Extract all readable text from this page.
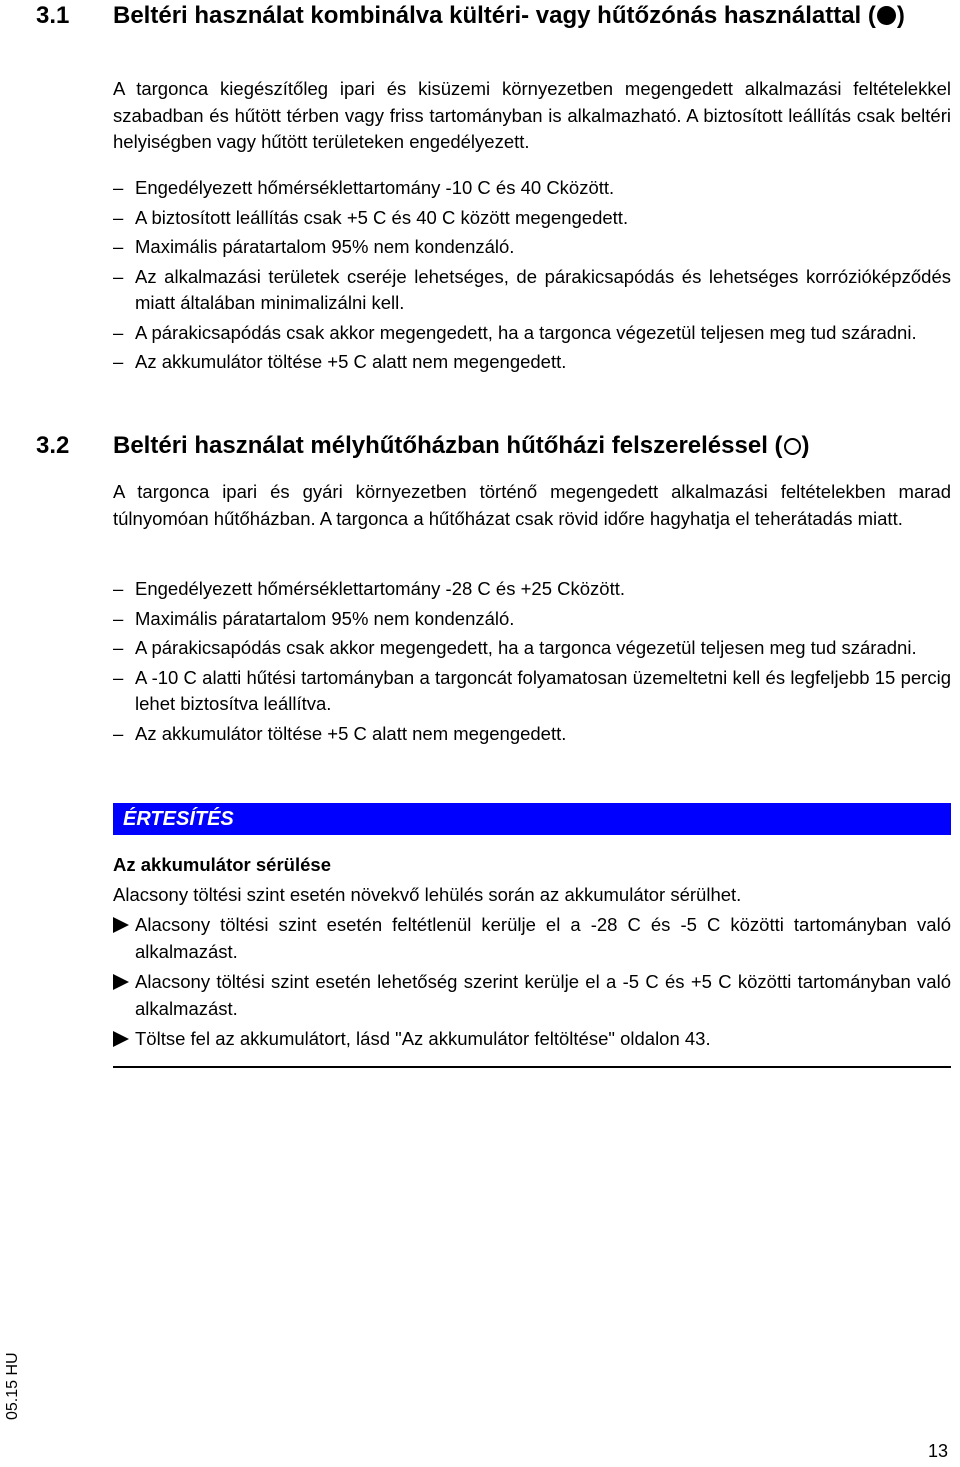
3.1	Beltéri használat kombinálva kültéri- vagy hűtőzónás használattal ( )
A targonca kiegészítőleg ipari és kisüzemi környezetben megengedett alkalmazási feltételekkel szabadban és hűtött térben vagy friss tartományban is alkalmazható. A biztosított leállítás csak beltéri helyiségben vagy hűtött területeken engedélyezett.
– Engedélyezett hőmérséklettartomány -10 C és 40 Cközött.
– A biztosított leállítás csak +5 C és 40 C között megengedett.
– Maximális páratartalom 95% nem kondenzáló.
– Az alkalmazási területek cseréje lehetséges, de párakicsapódás és lehetséges korrózióképződés miatt általában minimalizálni kell.
– A párakicsapódás csak akkor megengedett, ha a targonca végezetül teljesen meg tud száradni.
– Az akkumulátor töltése +5 C alatt nem megengedett.
3.2	Beltéri használat mélyhűtőházban hűtőházi felszereléssel ( )
A targonca ipari és gyári környezetben történő megengedett alkalmazási feltételekben marad túlnyomóan hűtőházban. A targonca a hűtőházat csak rövid időre hagyhatja el teherátadás miatt.
– Engedélyezett hőmérséklettartomány -28 C és +25 Cközött.
– Maximális páratartalom 95% nem kondenzáló.
– A párakicsapódás csak akkor megengedett, ha a targonca végezetül teljesen meg tud száradni.
– A -10 C alatti hűtési tartományban a targoncát folyamatosan üzemeltetni kell és legfeljebb 15 percig lehet biztosítva leállítva.
– Az akkumulátor töltése +5 C alatt nem megengedett.
ÉRTESÍTÉS
Az akkumulátor sérülése
Alacsony töltési szint esetén növekvő lehülés során az akkumulátor sérülhet.
Alacsony töltési szint esetén feltétlenül kerülje el a -28 C és -5 C közötti tartományban való alkalmazást.
Alacsony töltési szint esetén lehetőség szerint kerülje el a -5 C és +5 C közötti tartományban való alkalmazást.
Töltse fel az akkumulátort, lásd "Az akkumulátor feltöltése" oldalon 43.
05.15 HU
13
